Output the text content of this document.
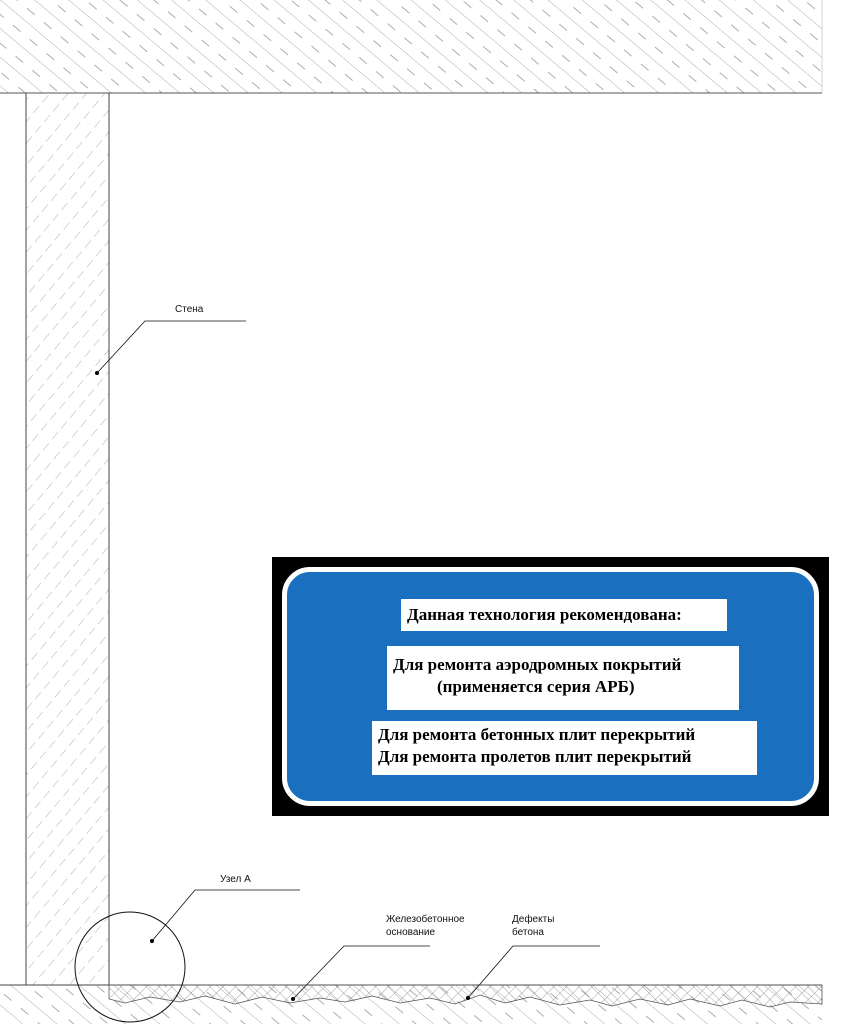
Стена
Узел А
Железобетонное
основание
Дефекты
бетона
Данная технология рекомендована:
Для ремонта аэродромных покрытий
(применяется серия АРБ)
Для ремонта бетонных плит перекрытий
Для ремонта пролетов плит перекрытий
